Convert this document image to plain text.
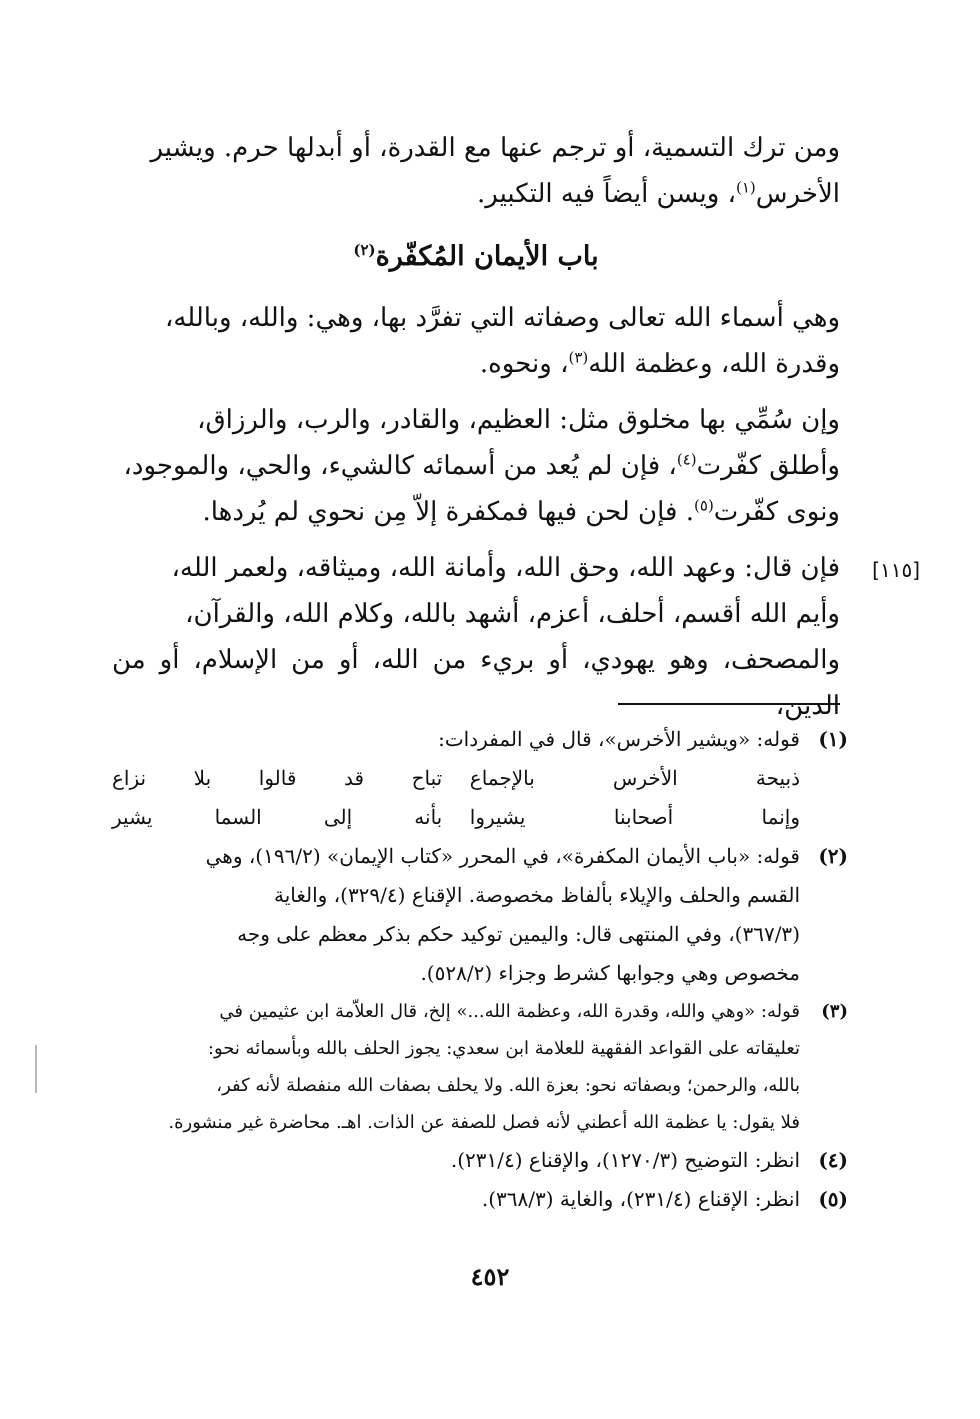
ومن ترك التسمية، أو ترجم عنها مع القدرة، أو أبدلها حرم. ويشير

الأخرس$^{(١)}$، ويسن أيضاً فيه التكبير.

باب الأيمان المُكفّرة$^{(٢)}$

وهي أسماء الله تعالى وصفاته التي تفرَّد بها، وهي: والله، وبالله،

وقدرة الله، وعظمة الله$^{(٣)}$، ونحوه.

وإن سُمِّي بها مخلوق مثل: العظيم، والقادر، والرب، والرزاق،

وأطلق كفّرت$^{(٤)}$، فإن لم يُعد من أسمائه كالشيء، والحي، والموجود،

ونوى كفّرت$^{(٥)}$. فإن لحن فيها فمكفرة إلاّ مِن نحوي لم يُردها.

فإن قال: وعهد الله، وحق الله، وأمانة الله، وميثاقه، ولعمر الله،

وأيم الله أقسم، أحلف، أعزم، أشهد بالله، وكلام الله، والقرآن،

والمصحف، وهو يهودي، أو بريء من الله، أو من الإسلام، أو من الدين،

[١١٥]
(١)

قوله: «ويشير الأخرس»، قال في المفردات:

ذبيحة الأخرس بالإجماع
تباح قد قالوا بلا نزاع
وإنما أصحابنا يشيروا
بأنه إلى السما يشير
(٢)

قوله: «باب الأيمان المكفرة»، في المحرر «كتاب الإيمان» (١٩٦/٢)، وهي

القسم والحلف والإيلاء بألفاظ مخصوصة. الإقناع (٣٢٩/٤)، والغاية

(٣٦٧/٣)، وفي المنتهى قال: واليمين توكيد حكم بذكر معظم على وجه

مخصوص وهي وجوابها كشرط وجزاء (٥٢٨/٢).

(٣)

قوله: «وهي والله، وقدرة الله، وعظمة الله...» إلخ، قال العلاّمة ابن عثيمين في

تعليقاته على القواعد الفقهية للعلامة ابن سعدي: يجوز الحلف بالله وبأسمائه نحو:

بالله، والرحمن؛ وبصفاته نحو: بعزة الله. ولا يحلف بصفات الله منفصلة لأنه كفر،

فلا يقول: يا عظمة الله أعطني لأنه فصل للصفة عن الذات. اهـ. محاضرة غير منشورة.

(٤)

انظر: التوضيح (١٢٧٠/٣)، والإقناع (٢٣١/٤).

(٥)

انظر: الإقناع (٢٣١/٤)، والغاية (٣٦٨/٣).

٤٥٢
